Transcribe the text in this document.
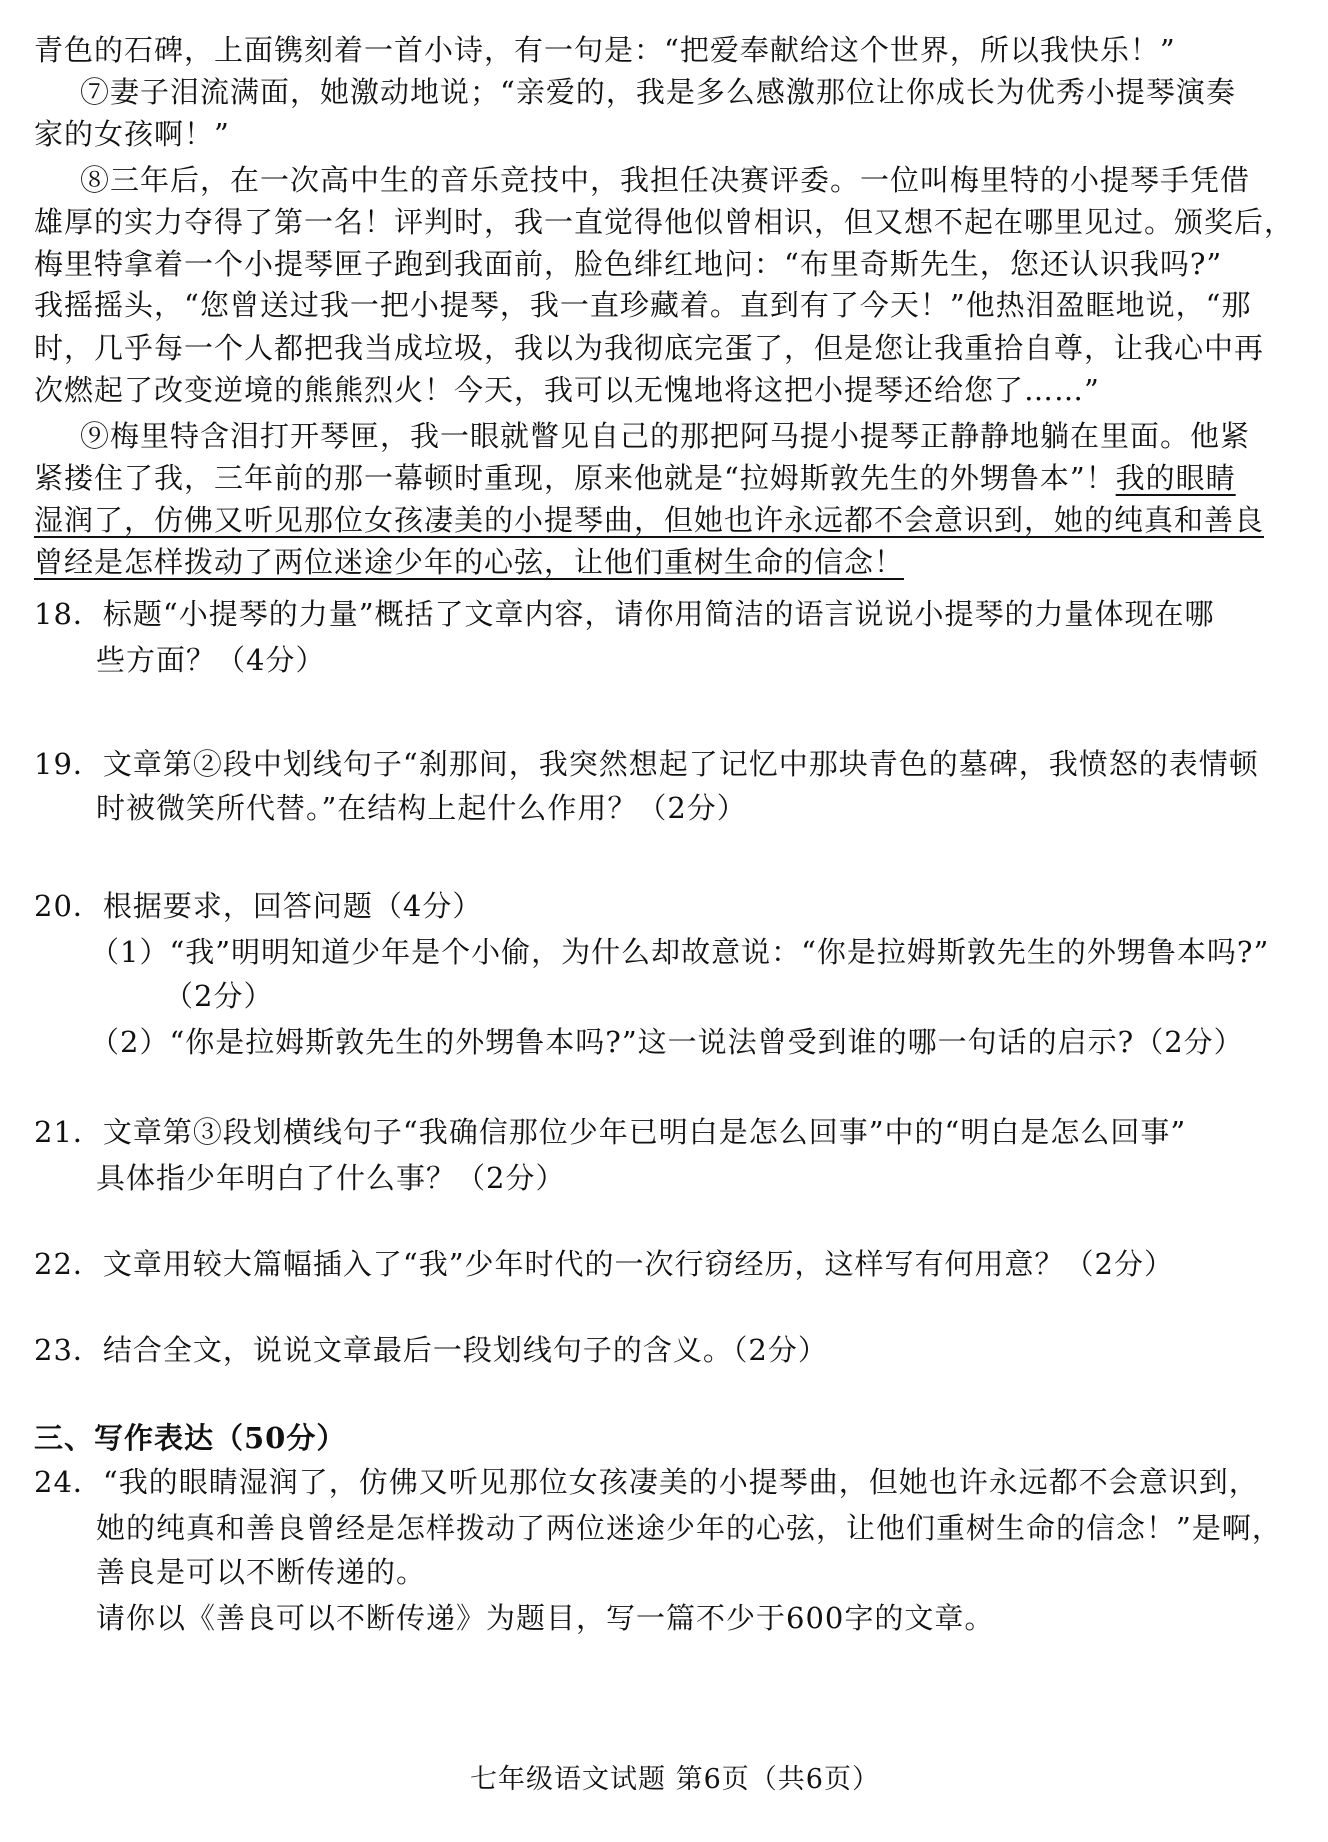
青色的石碑，上面镌刻着一首小诗，有一句是：“把爱奉献给这个世界，所以我快乐！”
⑦妻子泪流满面，她激动地说；“亲爱的，我是多么感激那位让你成长为优秀小提琴演奏
家的女孩啊！”
⑧三年后，在一次高中生的音乐竞技中，我担任决赛评委。一位叫梅里特的小提琴手凭借
雄厚的实力夺得了第一名！评判时，我一直觉得他似曾相识，但又想不起在哪里见过。颁奖后，
梅里特拿着一个小提琴匣子跑到我面前，脸色绯红地问：“布里奇斯先生，您还认识我吗?”
我摇摇头，“您曾送过我一把小提琴，我一直珍藏着。直到有了今天！”他热泪盈眶地说，“那
时，几乎每一个人都把我当成垃圾，我以为我彻底完蛋了，但是您让我重拾自尊，让我心中再
次燃起了改变逆境的熊熊烈火！今天，我可以无愧地将这把小提琴还给您了……”
⑨梅里特含泪打开琴匣，我一眼就瞥见自己的那把阿马提小提琴正静静地躺在里面。他紧
紧搂住了我，三年前的那一幕顿时重现，原来他就是“拉姆斯敦先生的外甥鲁本”！我的眼睛
湿润了，仿佛又听见那位女孩凄美的小提琴曲，但她也许永远都不会意识到，她的纯真和善良
曾经是怎样拨动了两位迷途少年的心弦，让他们重树生命的信念！
18．标题“小提琴的力量”概括了文章内容，请你用简洁的语言说说小提琴的力量体现在哪
些方面？（4分）
19．文章第②段中划线句子“刹那间，我突然想起了记忆中那块青色的墓碑，我愤怒的表情顿
时被微笑所代替。”在结构上起什么作用？（2分）
20．根据要求，回答问题（4分）
（1）“我”明明知道少年是个小偷，为什么却故意说：“你是拉姆斯敦先生的外甥鲁本吗?”
（2分）
（2）“你是拉姆斯敦先生的外甥鲁本吗?”这一说法曾受到谁的哪一句话的启示?（2分）
21．文章第③段划横线句子“我确信那位少年已明白是怎么回事”中的“明白是怎么回事”
具体指少年明白了什么事？（2分）
22．文章用较大篇幅插入了“我”少年时代的一次行窃经历，这样写有何用意？（2分）
23．结合全文，说说文章最后一段划线句子的含义。（2分）
三、写作表达（50分）
24．“我的眼睛湿润了，仿佛又听见那位女孩凄美的小提琴曲，但她也许永远都不会意识到，
她的纯真和善良曾经是怎样拨动了两位迷途少年的心弦，让他们重树生命的信念！”是啊，
善良是可以不断传递的。
请你以《善良可以不断传递》为题目，写一篇不少于600字的文章。
七年级语文试题 第6页（共6页）
